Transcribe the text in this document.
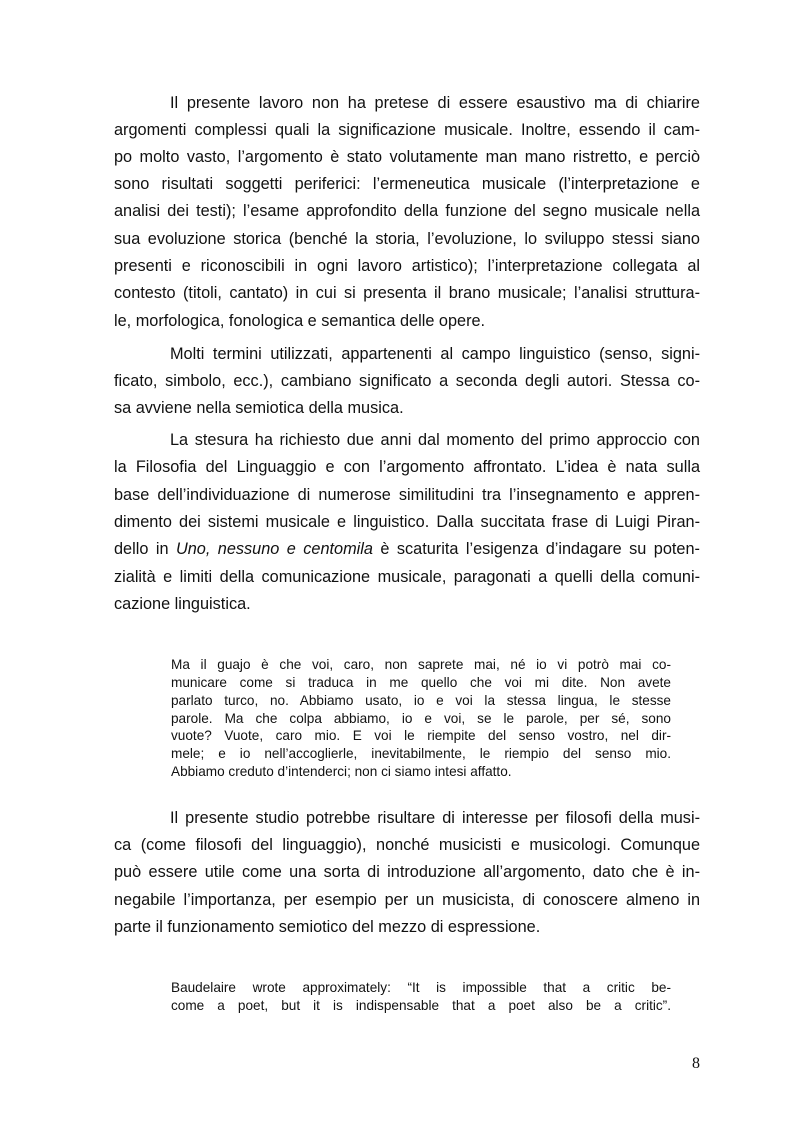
Il presente lavoro non ha pretese di essere esaustivo ma di chiarire
argomenti complessi quali la significazione musicale. Inoltre, essendo il cam-
po molto vasto, l’argomento è stato volutamente man mano ristretto, e perciò
sono risultati soggetti periferici: l’ermeneutica musicale (l’interpretazione e
analisi dei testi); l’esame approfondito della funzione del segno musicale nella
sua evoluzione storica (benché la storia, l’evoluzione, lo sviluppo stessi siano
presenti e riconoscibili in ogni lavoro artistico); l’interpretazione collegata al
contesto (titoli, cantato) in cui si presenta il brano musicale; l’analisi struttura-
le, morfologica, fonologica e semantica delle opere.
Molti termini utilizzati, appartenenti al campo linguistico (senso, signi-
ficato, simbolo, ecc.), cambiano significato a seconda degli autori. Stessa co-
sa avviene nella semiotica della musica.
La stesura ha richiesto due anni dal momento del primo approccio con
la Filosofia del Linguaggio e con l’argomento affrontato. L’idea è nata sulla
base dell’individuazione di numerose similitudini tra l’insegnamento e appren-
dimento dei sistemi musicale e linguistico. Dalla succitata frase di Luigi Piran-
dello in Uno, nessuno e centomila è scaturita l’esigenza d’indagare su poten-
zialità e limiti della comunicazione musicale, paragonati a quelli della comuni-
cazione linguistica.
Ma il guajo è che voi, caro, non saprete mai, né io vi potrò mai co-
municare come si traduca in me quello che voi mi dite. Non avete
parlato turco, no. Abbiamo usato, io e voi la stessa lingua, le stesse
parole. Ma che colpa abbiamo, io e voi, se le parole, per sé, sono
vuote? Vuote, caro mio. E voi le riempite del senso vostro, nel dir-
mele; e io nell’accoglierle, inevitabilmente, le riempio del senso mio.
Abbiamo creduto d’intenderci; non ci siamo intesi affatto.
Il presente studio potrebbe risultare di interesse per filosofi della musi-
ca (come filosofi del linguaggio), nonché musicisti e musicologi. Comunque
può essere utile come una sorta di introduzione all’argomento, dato che è in-
negabile l’importanza, per esempio per un musicista, di conoscere almeno in
parte il funzionamento semiotico del mezzo di espressione.
Baudelaire wrote approximately: “It is impossible that a critic be-
come a poet, but it is indispensable that a poet also be a critic”.
8
